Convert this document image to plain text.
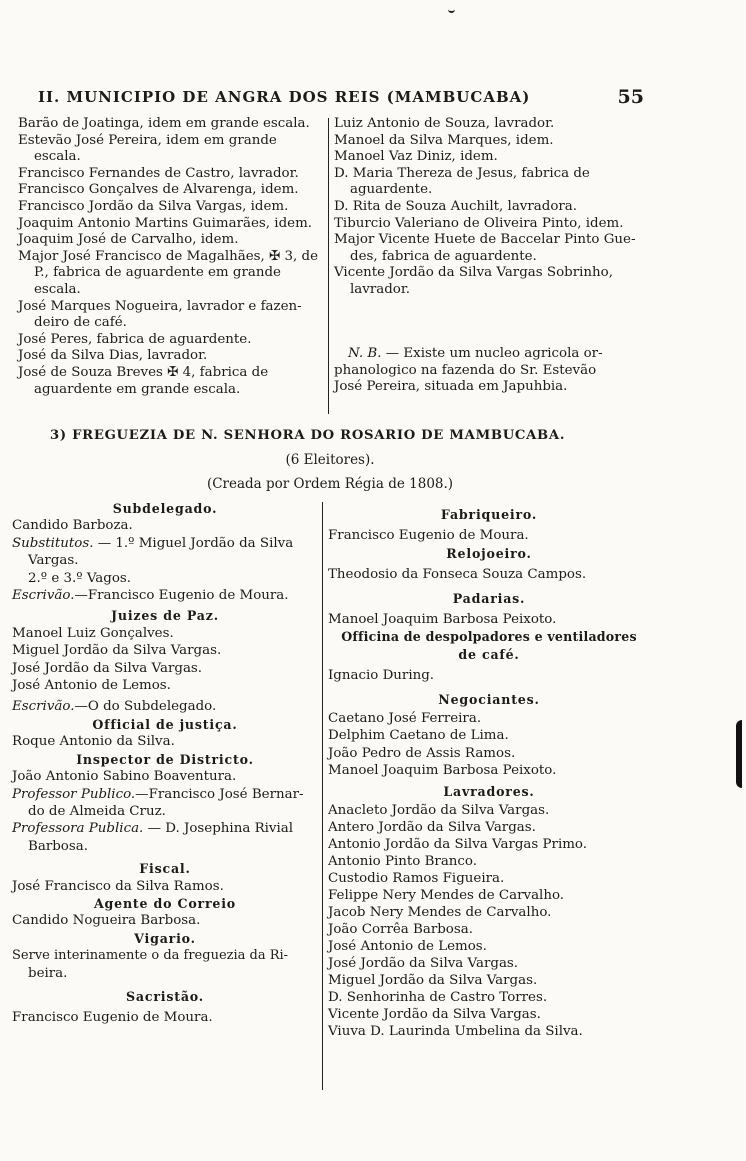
II. MUNICIPIO DE ANGRA DOS REIS (MAMBUCABA)	55
Barão de Joatinga, idem em grande escala.
Estevão José Pereira, idem em grande
escala.
Francisco Fernandes de Castro, lavrador.
Francisco Gonçalves de Alvarenga, idem.
Francisco Jordão da Silva Vargas, idem.
Joaquim Antonio Martins Guimarães, idem.
Joaquim José de Carvalho, idem.
Major José Francisco de Magalhães, ✠ 3, de
P., fabrica de aguardente em grande
escala.
José Marques Nogueira, lavrador e fazen-
deiro de café.
José Peres, fabrica de aguardente.
José da Silva Dias, lavrador.
José de Souza Breves ✠ 4, fabrica de
aguardente em grande escala.
Luiz Antonio de Souza, lavrador.
Manoel da Silva Marques, idem.
Manoel Vaz Diniz, idem.
D. Maria Thereza de Jesus, fabrica de
aguardente.
D. Rita de Souza Auchilt, lavradora.
Tiburcio Valeriano de Oliveira Pinto, idem.
Major Vicente Huete de Baccelar Pinto Gue-
des, fabrica de aguardente.
Vicente Jordão da Silva Vargas Sobrinho,
lavrador.
N. B. — Existe um nucleo agricola or-
phanologico na fazenda do Sr. Estevão
José Pereira, situada em Japuhbia.
3) FREGUEZIA DE N. SENHORA DO ROSARIO DE MAMBUCABA.
(6 Eleitores).
(Creada por Ordem Régia de 1808.)
Subdelegado.
Candido Barboza.
Substitutos. — 1.º Miguel Jordão da Silva
Vargas.
2.º e 3.º Vagos.
Escrivão.—Francisco Eugenio de Moura.
Juizes de Paz.
Manoel Luiz Gonçalves.
Miguel Jordão da Silva Vargas.
José Jordão da Silva Vargas.
José Antonio de Lemos.
Escrivão.—O do Subdelegado.
Official de justiça.
Roque Antonio da Silva.
Inspector de Districto.
João Antonio Sabino Boaventura.
Professor Publico.—Francisco José Bernar-
do de Almeida Cruz.
Professora Publica. — D. Josephina Rivial
Barbosa.
Fiscal.
José Francisco da Silva Ramos.
Agente do Correio
Candido Nogueira Barbosa.
Vigario.
Serve interinamente o da freguezia da Ri-
beira.
Sacristão.
Francisco Eugenio de Moura.
Fabriqueiro.
Francisco Eugenio de Moura.
Relojoeiro.
Theodosio da Fonseca Souza Campos.
Padarias.
Manoel Joaquim Barbosa Peixoto.
Officina de despolpadores e ventiladores
de café.
Ignacio During.
Negociantes.
Caetano José Ferreira.
Delphim Caetano de Lima.
João Pedro de Assis Ramos.
Manoel Joaquim Barbosa Peixoto.
Lavradores.
Anacleto Jordão da Silva Vargas.
Antero Jordão da Silva Vargas.
Antonio Jordão da Silva Vargas Primo.
Antonio Pinto Branco.
Custodio Ramos Figueira.
Felippe Nery Mendes de Carvalho.
Jacob Nery Mendes de Carvalho.
João Corrêa Barbosa.
José Antonio de Lemos.
José Jordão da Silva Vargas.
Miguel Jordão da Silva Vargas.
D. Senhorinha de Castro Torres.
Vicente Jordão da Silva Vargas.
Viuva D. Laurinda Umbelina da Silva.
